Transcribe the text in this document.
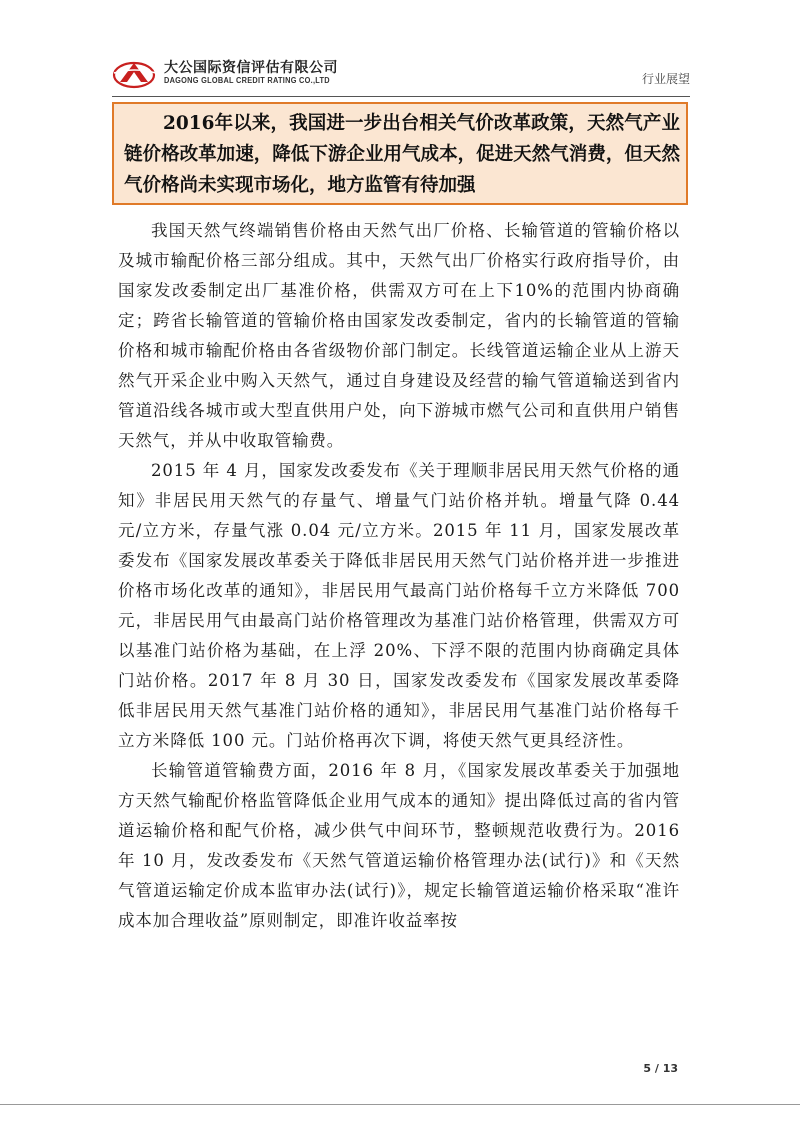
大公国际资信评估有限公司
DAGONG GLOBAL CREDIT RATING CO.,LTD	行业展望

2016年以来，我国进一步出台相关气价改革政策，天然气产业链价格改革加速，降低下游企业用气成本，促进天然气消费，但天然气价格尚未实现市场化，地方监管有待加强

我国天然气终端销售价格由天然气出厂价格、长输管道的管输价格以及城市输配价格三部分组成。其中，天然气出厂价格实行政府指导价，由国家发改委制定出厂基准价格，供需双方可在上下10%的范围内协商确定；跨省长输管道的管输价格由国家发改委制定，省内的长输管道的管输价格和城市输配价格由各省级物价部门制定。长线管道运输企业从上游天然气开采企业中购入天然气，通过自身建设及经营的输气管道输送到省内管道沿线各城市或大型直供用户处，向下游城市燃气公司和直供用户销售天然气，并从中收取管输费。

2015 年 4 月，国家发改委发布《关于理顺非居民用天然气价格的通知》非居民用天然气的存量气、增量气门站价格并轨。增量气降 0.44 元/立方米，存量气涨 0.04 元/立方米。2015 年 11 月，国家发展改革委发布《国家发展改革委关于降低非居民用天然气门站价格并进一步推进价格市场化改革的通知》，非居民用气最高门站价格每千立方米降低 700 元，非居民用气由最高门站价格管理改为基准门站价格管理，供需双方可以基准门站价格为基础，在上浮 20%、下浮不限的范围内协商确定具体门站价格。2017 年 8 月 30 日，国家发改委发布《国家发展改革委降低非居民用天然气基准门站价格的通知》，非居民用气基准门站价格每千立方米降低 100 元。门站价格再次下调，将使天然气更具经济性。

长输管道管输费方面，2016 年 8 月，《国家发展改革委关于加强地方天然气输配价格监管降低企业用气成本的通知》提出降低过高的省内管道运输价格和配气价格，减少供气中间环节，整顿规范收费行为。2016 年 10 月，发改委发布《天然气管道运输价格管理办法(试行)》和《天然气管道运输定价成本监审办法(试行)》，规定长输管道运输价格采取“准许成本加合理收益”原则制定，即准许收益率按

5 / 13
